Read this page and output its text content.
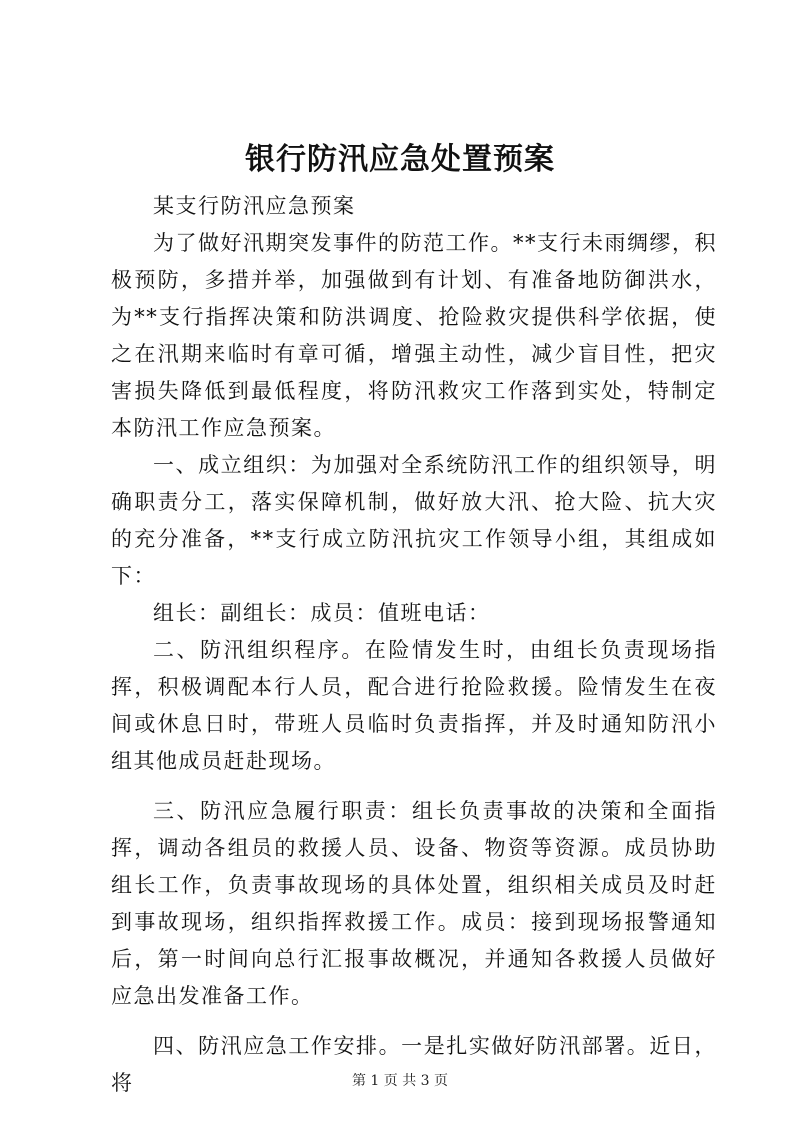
银行防汛应急处置预案

某支行防汛应急预案

为了做好汛期突发事件的防范工作。**支行未雨绸缪，积极预防，多措并举，加强做到有计划、有准备地防御洪水，为**支行指挥决策和防洪调度、抢险救灾提供科学依据，使之在汛期来临时有章可循，增强主动性，减少盲目性，把灾害损失降低到最低程度，将防汛救灾工作落到实处，特制定本防汛工作应急预案。

一、成立组织：为加强对全系统防汛工作的组织领导，明确职责分工，落实保障机制，做好放大汛、抢大险、抗大灾的充分准备，**支行成立防汛抗灾工作领导小组，其组成如下：

组长：副组长：成员：值班电话：

二、防汛组织程序。在险情发生时，由组长负责现场指挥，积极调配本行人员，配合进行抢险救援。险情发生在夜间或休息日时，带班人员临时负责指挥，并及时通知防汛小组其他成员赶赴现场。

三、防汛应急履行职责：组长负责事故的决策和全面指挥，调动各组员的救援人员、设备、物资等资源。成员协助组长工作，负责事故现场的具体处置，组织相关成员及时赶到事故现场，组织指挥救援工作。成员：接到现场报警通知后，第一时间向总行汇报事故概况，并通知各救援人员做好应急出发准备工作。

四、防汛应急工作安排。一是扎实做好防汛部署。近日，将	第 1 页 共 3 页
